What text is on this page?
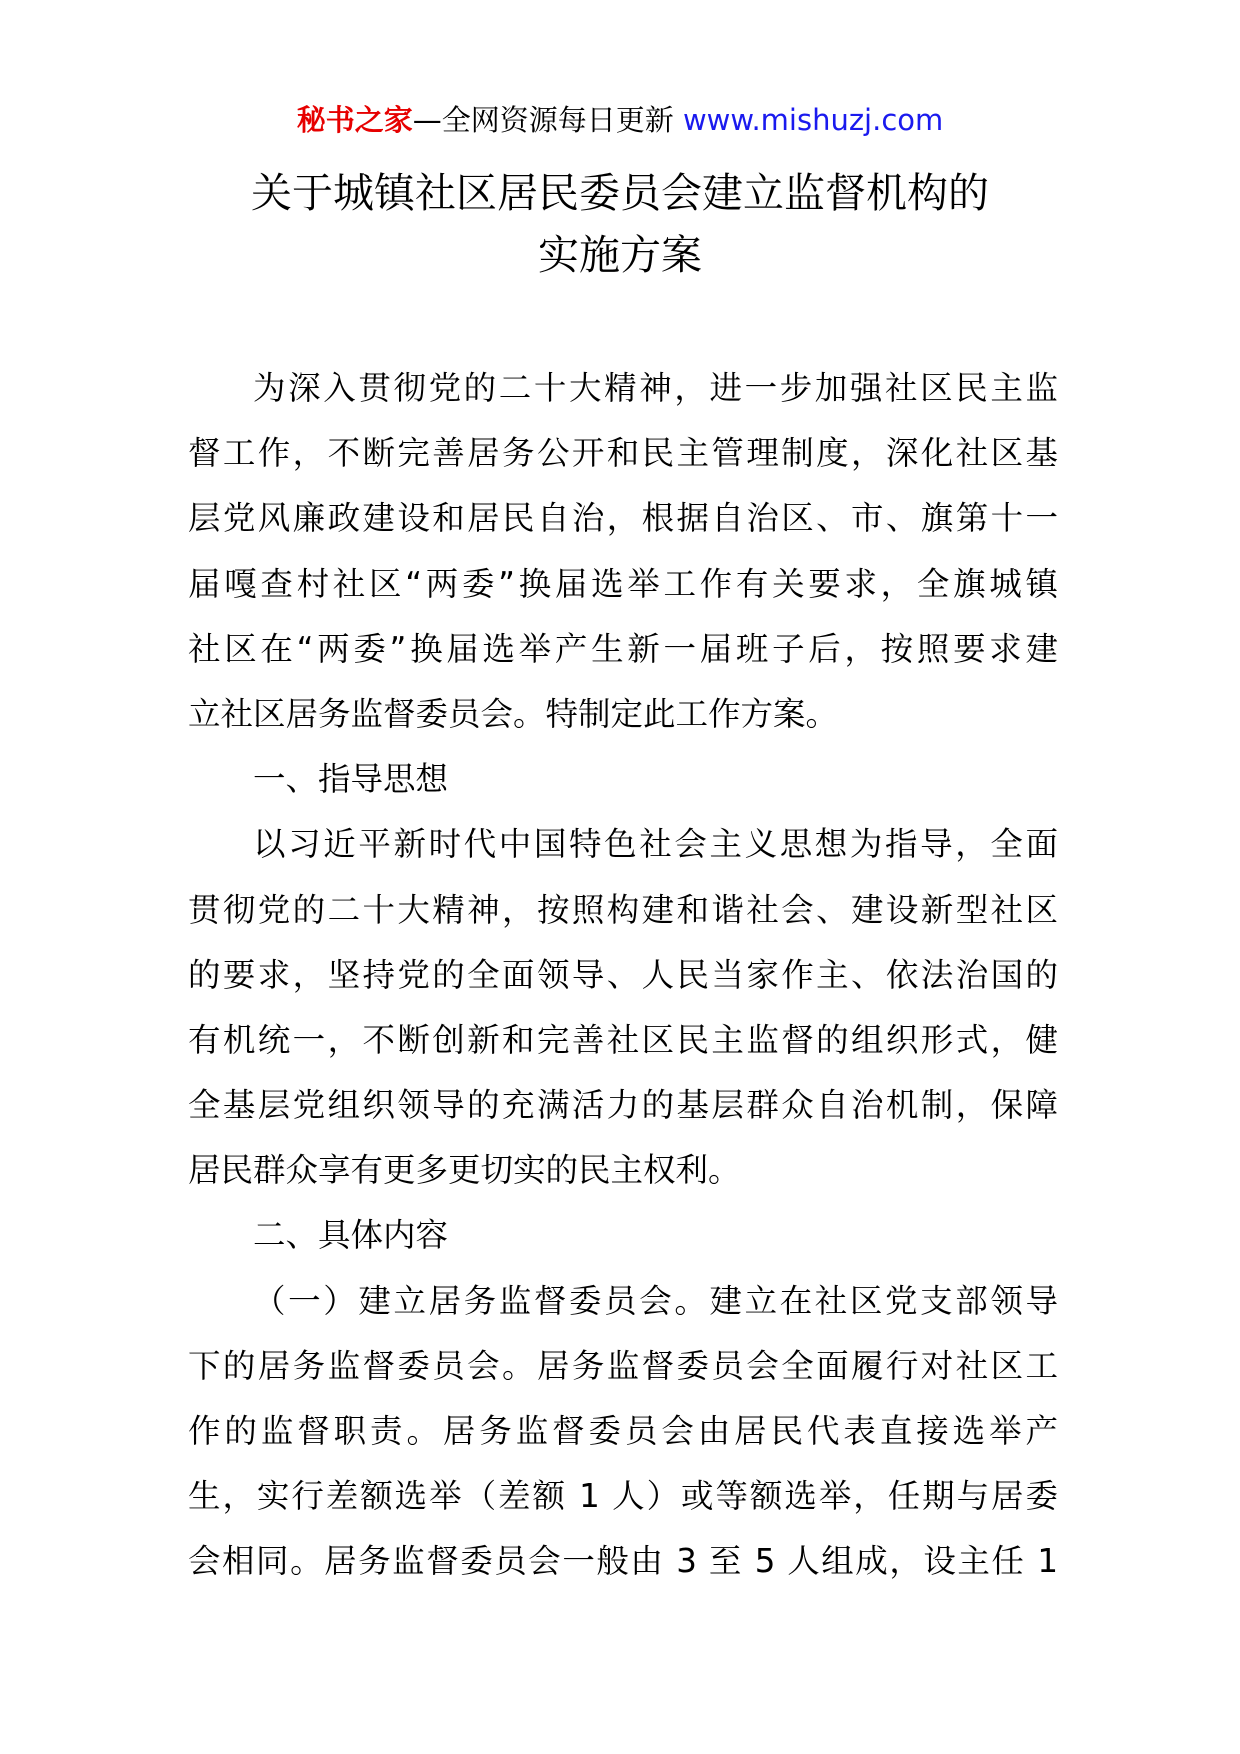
秘书之家—全网资源每日更新 www.mishuzj.com
关于城镇社区居民委员会建立监督机构的
实施方案
为深入贯彻党的二十大精神，进一步加强社区民主监
督工作，不断完善居务公开和民主管理制度，深化社区基
层党风廉政建设和居民自治，根据自治区、市、旗第十一
届嘎查村社区“两委”换届选举工作有关要求，全旗城镇
社区在“两委”换届选举产生新一届班子后，按照要求建
立社区居务监督委员会。特制定此工作方案。
一、指导思想
以习近平新时代中国特色社会主义思想为指导，全面
贯彻党的二十大精神，按照构建和谐社会、建设新型社区
的要求，坚持党的全面领导、人民当家作主、依法治国的
有机统一，不断创新和完善社区民主监督的组织形式，健
全基层党组织领导的充满活力的基层群众自治机制，保障
居民群众享有更多更切实的民主权利。
二、具体内容
（一）建立居务监督委员会。建立在社区党支部领导
下的居务监督委员会。居务监督委员会全面履行对社区工
作的监督职责。居务监督委员会由居民代表直接选举产
生，实行差额选举（差额 1 人）或等额选举，任期与居委
会相同。居务监督委员会一般由 3 至 5 人组成，设主任 1
